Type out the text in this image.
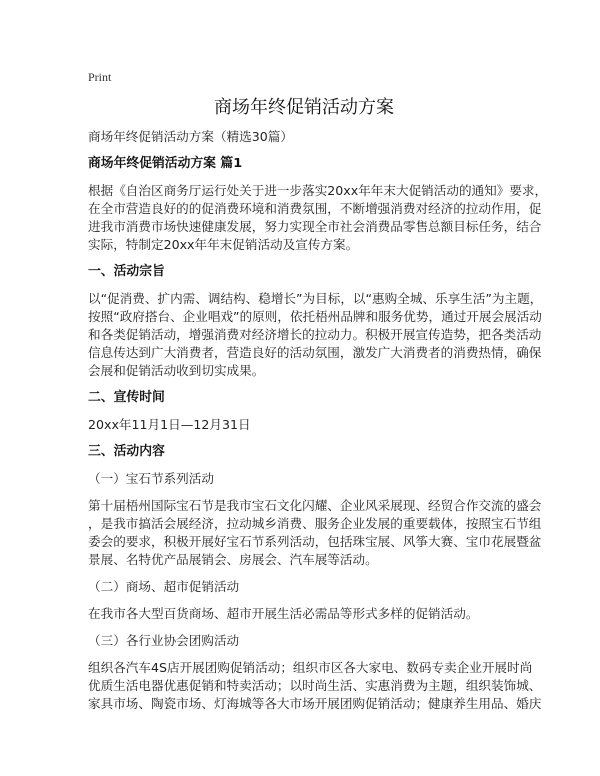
Print
商场年终促销活动方案
商场年终促销活动方案（精选30篇）
商场年终促销活动方案 篇1
根据《自治区商务厅运行处关于进一步落实20xx年年末大促销活动的通知》要求，
在全市营造良好的的促消费环境和消费氛围，不断增强消费对经济的拉动作用，促
进我市消费市场快速健康发展，努力实现全市社会消费品零售总额目标任务，结合
实际，特制定20xx年年末促销活动及宣传方案。
一、活动宗旨
以“促消费、扩内需、调结构、稳增长”为目标，以“惠购全城、乐享生活”为主题，
按照“政府搭台、企业唱戏”的原则，依托梧州品牌和服务优势，通过开展会展活动
和各类促销活动，增强消费对经济增长的拉动力。积极开展宣传造势，把各类活动
信息传达到广大消费者，营造良好的活动氛围，激发广大消费者的消费热情，确保
会展和促销活动收到切实成果。
二、宣传时间
20xx年11月1日—12月31日
三、活动内容
（一）宝石节系列活动
第十届梧州国际宝石节是我市宝石文化闪耀、企业风采展现、经贸合作交流的盛会
，是我市搞活会展经济，拉动城乡消费、服务企业发展的重要载体，按照宝石节组
委会的要求，积极开展好宝石节系列活动，包括珠宝展、风筝大赛、宝巾花展暨盆
景展、名特优产品展销会、房展会、汽车展等活动。
（二）商场、超市促销活动
在我市各大型百货商场、超市开展生活必需品等形式多样的促销活动。
（三）各行业协会团购活动
组织各汽车4S店开展团购促销活动；组织市区各大家电、数码专卖企业开展时尚
优质生活电器优惠促销和特卖活动；以时尚生活、实惠消费为主题，组织装饰城、
家具市场、陶瓷市场、灯海城等各大市场开展团购促销活动；健康养生用品、婚庆
